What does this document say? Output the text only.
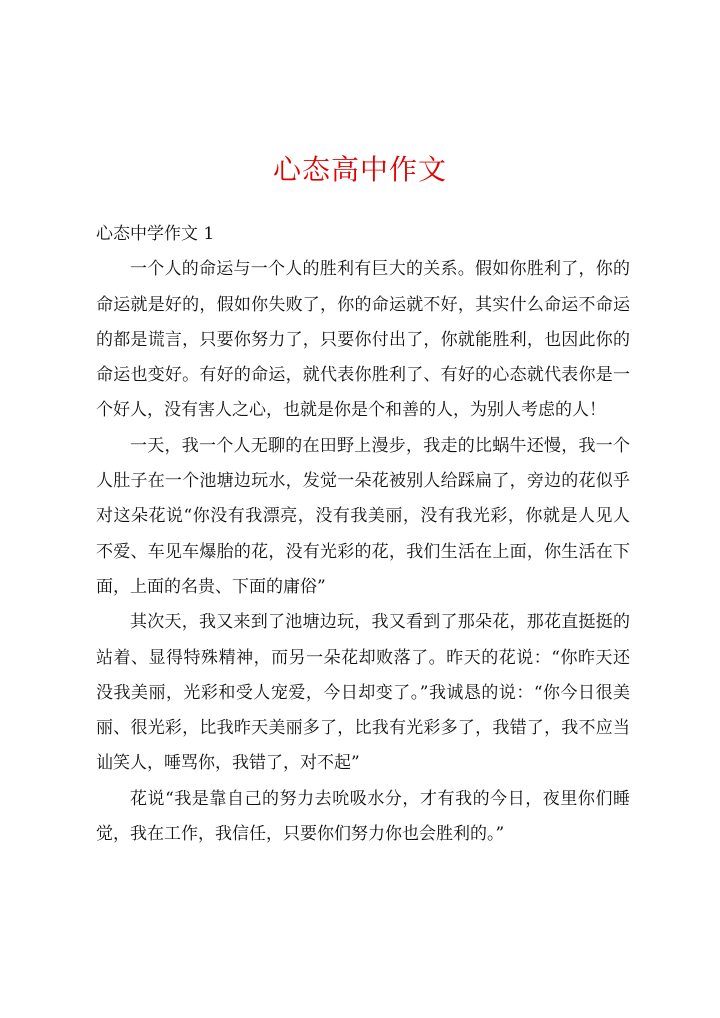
心态高中作文

心态中学作文 1

一个人的命运与一个人的胜利有巨大的关系。假如你胜利了，你的命运就是好的，假如你失败了，你的命运就不好，其实什么命运不命运的都是谎言，只要你努力了，只要你付出了，你就能胜利，也因此你的命运也变好。有好的命运，就代表你胜利了、有好的心态就代表你是一个好人，没有害人之心，也就是你是个和善的人，为别人考虑的人！

一天，我一个人无聊的在田野上漫步，我走的比蜗牛还慢，我一个人肚子在一个池塘边玩水，发觉一朵花被别人给踩扁了，旁边的花似乎对这朵花说“你没有我漂亮，没有我美丽，没有我光彩，你就是人见人不爱、车见车爆胎的花，没有光彩的花，我们生活在上面，你生活在下面，上面的名贵、下面的庸俗”

其次天，我又来到了池塘边玩，我又看到了那朵花，那花直挺挺的站着、显得特殊精神，而另一朵花却败落了。昨天的花说：“你昨天还没我美丽，光彩和受人宠爱，今日却变了。”我诚恳的说：“你今日很美丽、很光彩，比我昨天美丽多了，比我有光彩多了，我错了，我不应当讪笑人，唾骂你，我错了，对不起”

花说“我是靠自己的努力去吮吸水分，才有我的今日，夜里你们睡觉，我在工作，我信任，只要你们努力你也会胜利的。”
